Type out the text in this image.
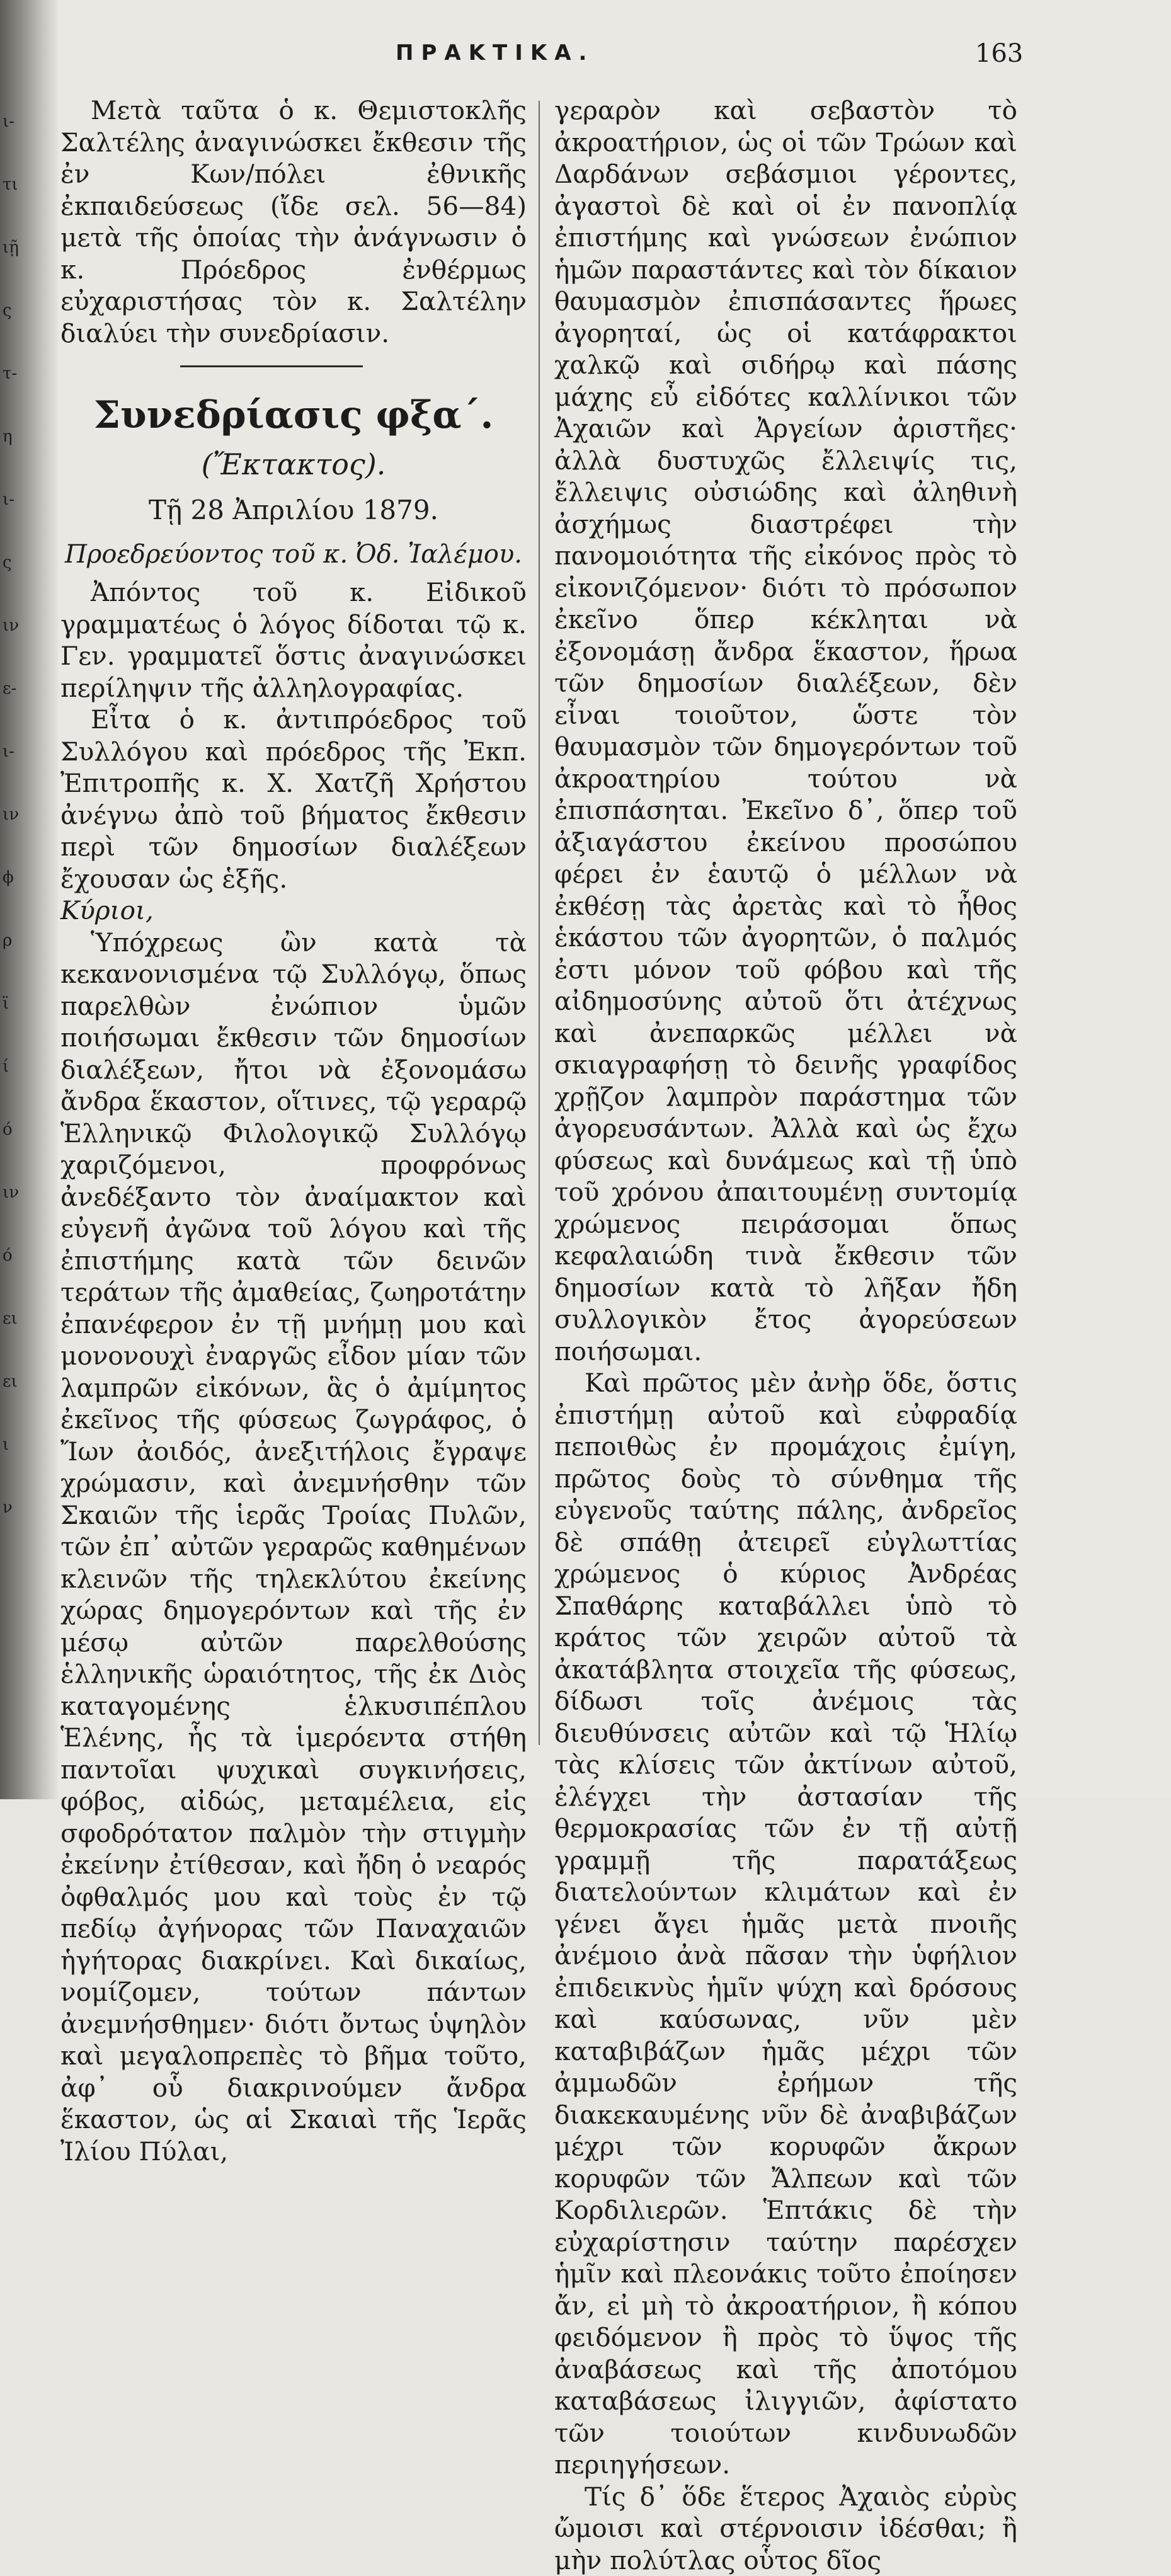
ι-
τι
ιῇ
ς
τ-
η
ι-
ς
ιν
ε-
ι-
ιν
ϕ
ρ
ϊ
ί
ό
ιν
ό
ει
ει
ι
ν
ΠΡΑΚΤΙΚΑ.	163

Μετὰ ταῦτα ὁ κ. Θεμιστοκλῆς Σαλτέλης ἀναγινώσκει ἔκθεσιν τῆς ἐν Κων/πόλει ἐθνικῆς ἐκπαιδεύσεως (ἴδε σελ. 56—84) μετὰ τῆς ὁποίας τὴν ἀνάγνωσιν ὁ κ. Πρόεδρος ἐνθέρμως εὐχαριστήσας τὸν κ. Σαλτέλην διαλύει τὴν συνεδρίασιν.

Συνεδρίασις φξα΄.

(Ἔκτακτος).

Τῇ 28 Ἀπριλίου 1879.

Προεδρεύοντος τοῦ κ. Ὀδ. Ἰαλέμου.

Ἀπόντος τοῦ κ. Εἰδικοῦ γραμματέως ὁ λόγος δίδοται τῷ κ. Γεν. γραμματεῖ ὅστις ἀναγινώσκει περίληψιν τῆς ἀλληλογραφίας.

Εἶτα ὁ κ. ἀντιπρόεδρος τοῦ Συλλόγου καὶ πρόεδρος τῆς Ἐκπ. Ἐπιτροπῆς κ. Χ. Χατζῆ Χρήστου ἀνέγνω ἀπὸ τοῦ βήματος ἔκθεσιν περὶ τῶν δημοσίων διαλέξεων ἔχουσαν ὡς ἑξῆς.

Κύριοι,

Ὑπόχρεως ὢν κατὰ τὰ κεκανονισμένα τῷ Συλλόγῳ, ὅπως παρελθὼν ἐνώπιον ὑμῶν ποιήσωμαι ἔκθεσιν τῶν δημοσίων διαλέξεων, ἤτοι νὰ ἐξονομάσω ἄνδρα ἕκαστον, οἵτινες, τῷ γεραρῷ Ἑλληνικῷ Φιλολογικῷ Συλλόγῳ χαριζόμενοι, προφρόνως ἀνεδέξαντο τὸν ἀναίμακτον καὶ εὐγενῆ ἀγῶνα τοῦ λόγου καὶ τῆς ἐπιστήμης κατὰ τῶν δεινῶν τεράτων τῆς ἀμαθείας, ζωηροτάτην ἐπανέφερον ἐν τῇ μνήμῃ μου καὶ μονονουχὶ ἐναργῶς εἶδον μίαν τῶν λαμπρῶν εἰκόνων, ἃς ὁ ἀμίμητος ἐκεῖνος τῆς φύσεως ζωγράφος, ὁ Ἴων ἀοιδός, ἀνεξιτήλοις ἔγραψε χρώμασιν, καὶ ἀνεμνήσθην τῶν Σκαιῶν τῆς ἱερᾶς Τροίας Πυλῶν, τῶν ἐπ᾽ αὐτῶν γεραρῶς καθημένων κλεινῶν τῆς τηλεκλύτου ἐκείνης χώρας δημογερόντων καὶ τῆς ἐν μέσῳ αὐτῶν παρελθούσης ἑλληνικῆς ὡραιότητος, τῆς ἐκ Διὸς καταγομένης ἑλκυσιπέπλου Ἑλένης, ἧς τὰ ἱμερόεντα στήθη παντοῖαι ψυχικαὶ συγκινήσεις, φόβος, αἰδώς, μεταμέλεια, εἰς σφοδρότατον παλμὸν τὴν στιγμὴν ἐκείνην ἐτίθεσαν, καὶ ἤδη ὁ νεαρός ὀφθαλμός μου καὶ τοὺς ἐν τῷ πεδίῳ ἀγήνορας τῶν Παναχαιῶν ἡγήτορας διακρίνει. Καὶ δικαίως, νομίζομεν, τούτων πάντων ἀνεμνήσθημεν· διότι ὄντως ὑψηλὸν καὶ μεγαλοπρεπὲς τὸ βῆμα τοῦτο, ἀφ᾽ οὗ διακρινούμεν ἄνδρα ἕκαστον, ὡς αἱ Σκαιαὶ τῆς Ἱερᾶς Ἰλίου Πύλαι,

γεραρὸν καὶ σεβαστὸν τὸ ἀκροατήριον, ὡς οἱ τῶν Τρώων καὶ Δαρδάνων σεβάσμιοι γέροντες, ἀγαστοὶ δὲ καὶ οἱ ἐν πανοπλίᾳ ἐπιστήμης καὶ γνώσεων ἐνώπιον ἡμῶν παραστάντες καὶ τὸν δίκαιον θαυμασμὸν ἐπισπάσαντες ἥρωες ἀγορηταί, ὡς οἱ κατάφρακτοι χαλκῷ καὶ σιδήρῳ καὶ πάσης μάχης εὖ εἰδότες καλλίνικοι τῶν Ἀχαιῶν καὶ Ἀργείων ἀριστῆες· ἀλλὰ δυστυχῶς ἔλλειψίς τις, ἔλλειψις οὐσιώδης καὶ ἀληθινὴ ἀσχήμως διαστρέφει τὴν πανομοιότητα τῆς εἰκόνος πρὸς τὸ εἰκονιζόμενον· διότι τὸ πρόσωπον ἐκεῖνο ὅπερ κέκληται νὰ ἐξονομάσῃ ἄνδρα ἕκαστον, ἥρωα τῶν δημοσίων διαλέξεων, δὲν εἶναι τοιοῦτον, ὥστε τὸν θαυμασμὸν τῶν δημογερόντων τοῦ ἀκροατηρίου τούτου νὰ ἐπισπάσηται. Ἐκεῖνο δ᾽, ὅπερ τοῦ ἀξιαγάστου ἐκείνου προσώπου φέρει ἐν ἑαυτῷ ὁ μέλλων νὰ ἐκθέσῃ τὰς ἀρετὰς καὶ τὸ ἦθος ἑκάστου τῶν ἀγορητῶν, ὁ παλμός ἐστι μόνον τοῦ φόβου καὶ τῆς αἰδημοσύνης αὐτοῦ ὅτι ἀτέχνως καὶ ἀνεπαρκῶς μέλλει νὰ σκιαγραφήσῃ τὸ δεινῆς γραφίδος χρῇζον λαμπρὸν παράστημα τῶν ἀγορευσάντων. Ἀλλὰ καὶ ὡς ἔχω φύσεως καὶ δυνάμεως καὶ τῇ ὑπὸ τοῦ χρόνου ἀπαιτουμένῃ συντομίᾳ χρώμενος πειράσομαι ὅπως κεφαλαιώδη τινὰ ἔκθεσιν τῶν δημοσίων κατὰ τὸ λῆξαν ἤδη συλλογικὸν ἔτος ἀγορεύσεων ποιήσωμαι.

Καὶ πρῶτος μὲν ἀνὴρ ὅδε, ὅστις ἐπιστήμῃ αὐτοῦ καὶ εὐφραδίᾳ πεποιθὼς ἐν προμάχοις ἐμίγη, πρῶτος δοὺς τὸ σύνθημα τῆς εὐγενοῦς ταύτης πάλης, ἀνδρεῖος δὲ σπάθῃ ἀτειρεῖ εὐγλωττίας χρώμενος ὁ κύριος Ἀνδρέας Σπαθάρης καταβάλλει ὑπὸ τὸ κράτος τῶν χειρῶν αὐτοῦ τὰ ἀκατάβλητα στοιχεῖα τῆς φύσεως, δίδωσι τοῖς ἀνέμοις τὰς διευθύνσεις αὐτῶν καὶ τῷ Ἡλίῳ τὰς κλίσεις τῶν ἀκτίνων αὐτοῦ, ἐλέγχει τὴν ἀστασίαν τῆς θερμοκρασίας τῶν ἐν τῇ αὐτῇ γραμμῇ τῆς παρατάξεως διατελούντων κλιμάτων καὶ ἐν γένει ἄγει ἡμᾶς μετὰ πνοιῆς ἀνέμοιο ἀνὰ πᾶσαν τὴν ὑφήλιον ἐπιδεικνὺς ἡμῖν ψύχη καὶ δρόσους καὶ καύσωνας, νῦν μὲν καταβιβάζων ἡμᾶς μέχρι τῶν ἀμμωδῶν ἐρήμων τῆς διακεκαυμένης νῦν δὲ ἀναβιβάζων μέχρι τῶν κορυφῶν ἄκρων κορυφῶν τῶν Ἄλπεων καὶ τῶν Κορδιλιερῶν. Ἑπτάκις δὲ τὴν εὐχαρίστησιν ταύτην παρέσχεν ἡμῖν καὶ πλεονάκις τοῦτο ἐποίησεν ἄν, εἰ μὴ τὸ ἀκροατήριον, ἢ κόπου φειδόμενον ἢ πρὸς τὸ ὕψος τῆς ἀναβάσεως καὶ τῆς ἀποτόμου καταβάσεως ἰλιγγιῶν, ἀφίστατο τῶν τοιούτων κινδυνωδῶν περιηγήσεων.

Τίς δ᾽ ὅδε ἕτερος Ἀχαιὸς εὐρὺς ὤμοισι καὶ στέρνοισιν ἰδέσθαι; ἢ μὴν πολύτλας οὗτος δῖος
